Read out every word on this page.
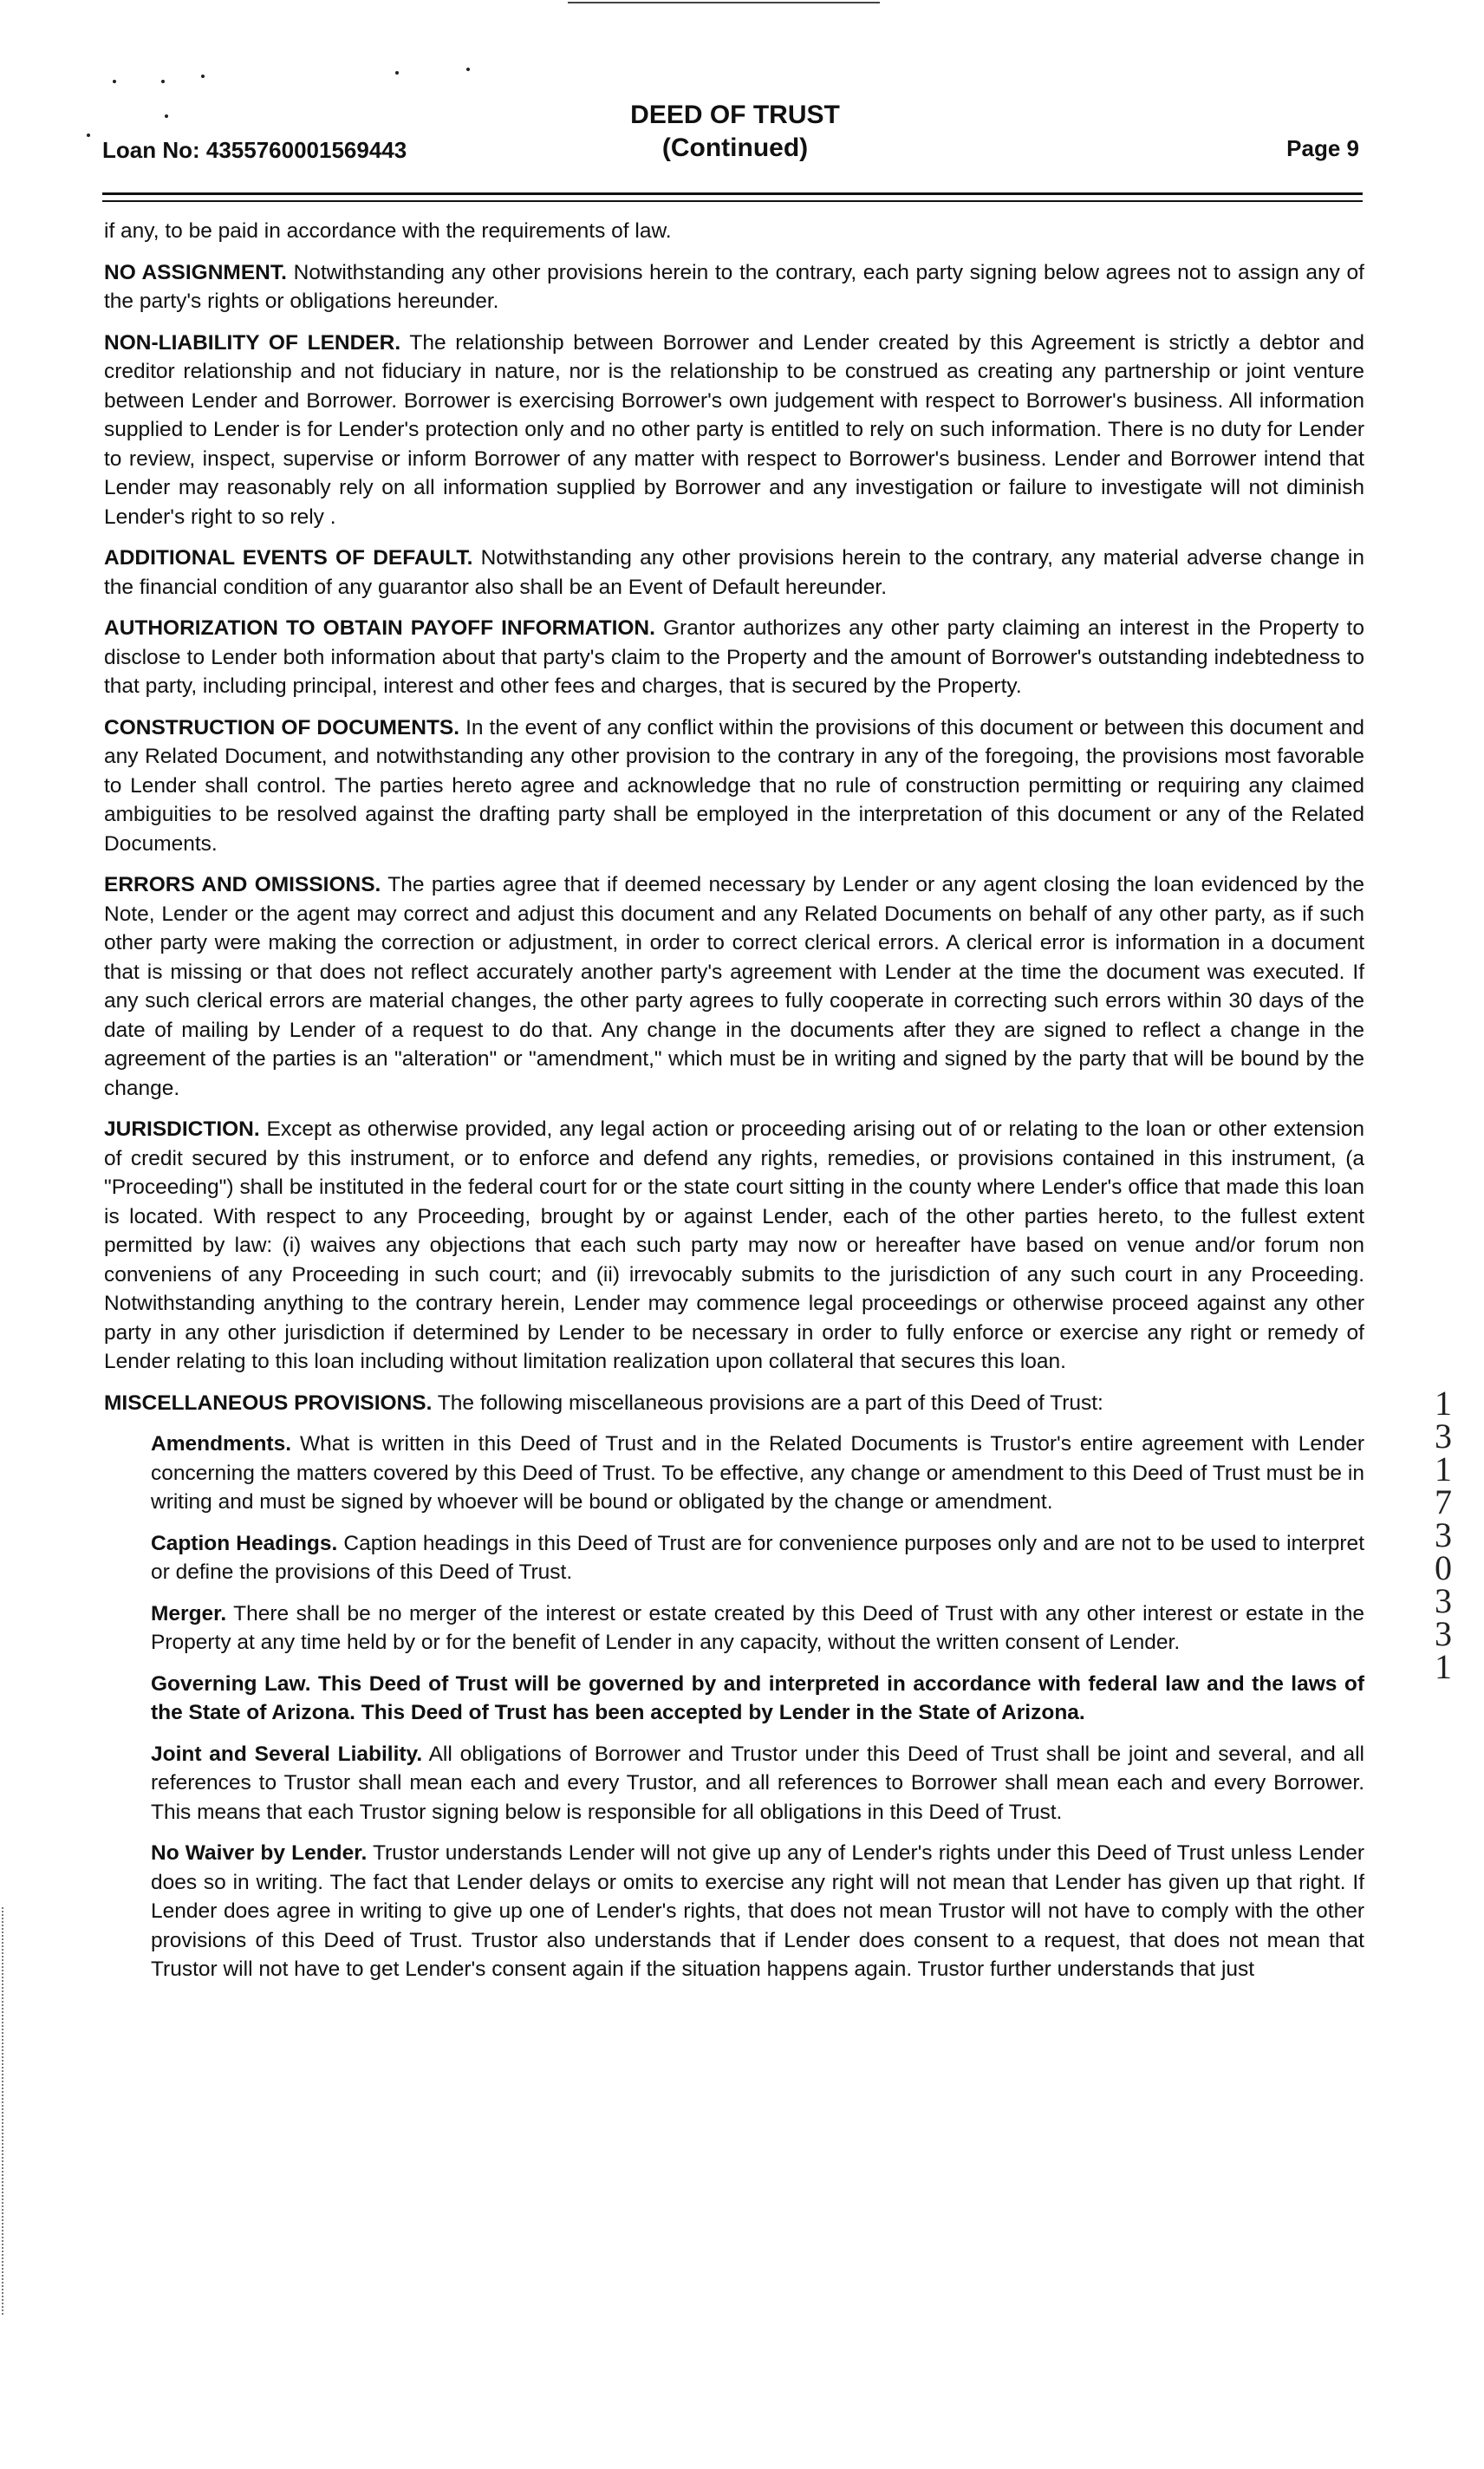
Loan No: 4355760001569443
DEED OF TRUST
(Continued)	Page 9

if any, to be paid in accordance with the requirements of law.

NO ASSIGNMENT. Notwithstanding any other provisions herein to the contrary, each party signing below agrees not to assign any of the party's rights or obligations hereunder.

NON-LIABILITY OF LENDER. The relationship between Borrower and Lender created by this Agreement is strictly a debtor and creditor relationship and not fiduciary in nature, nor is the relationship to be construed as creating any partnership or joint venture between Lender and Borrower. Borrower is exercising Borrower's own judgement with respect to Borrower's business. All information supplied to Lender is for Lender's protection only and no other party is entitled to rely on such information. There is no duty for Lender to review, inspect, supervise or inform Borrower of any matter with respect to Borrower's business. Lender and Borrower intend that Lender may reasonably rely on all information supplied by Borrower and any investigation or failure to investigate will not diminish Lender's right to so rely .

ADDITIONAL EVENTS OF DEFAULT. Notwithstanding any other provisions herein to the contrary, any material adverse change in the financial condition of any guarantor also shall be an Event of Default hereunder.

AUTHORIZATION TO OBTAIN PAYOFF INFORMATION. Grantor authorizes any other party claiming an interest in the Property to disclose to Lender both information about that party's claim to the Property and the amount of Borrower's outstanding indebtedness to that party, including principal, interest and other fees and charges, that is secured by the Property.

CONSTRUCTION OF DOCUMENTS. In the event of any conflict within the provisions of this document or between this document and any Related Document, and notwithstanding any other provision to the contrary in any of the foregoing, the provisions most favorable to Lender shall control. The parties hereto agree and acknowledge that no rule of construction permitting or requiring any claimed ambiguities to be resolved against the drafting party shall be employed in the interpretation of this document or any of the Related Documents.

ERRORS AND OMISSIONS. The parties agree that if deemed necessary by Lender or any agent closing the loan evidenced by the Note, Lender or the agent may correct and adjust this document and any Related Documents on behalf of any other party, as if such other party were making the correction or adjustment, in order to correct clerical errors. A clerical error is information in a document that is missing or that does not reflect accurately another party's agreement with Lender at the time the document was executed. If any such clerical errors are material changes, the other party agrees to fully cooperate in correcting such errors within 30 days of the date of mailing by Lender of a request to do that. Any change in the documents after they are signed to reflect a change in the agreement of the parties is an "alteration" or "amendment," which must be in writing and signed by the party that will be bound by the change.

JURISDICTION. Except as otherwise provided, any legal action or proceeding arising out of or relating to the loan or other extension of credit secured by this instrument, or to enforce and defend any rights, remedies, or provisions contained in this instrument, (a "Proceeding") shall be instituted in the federal court for or the state court sitting in the county where Lender's office that made this loan is located. With respect to any Proceeding, brought by or against Lender, each of the other parties hereto, to the fullest extent permitted by law: (i) waives any objections that each such party may now or hereafter have based on venue and/or forum non conveniens of any Proceeding in such court; and (ii) irrevocably submits to the jurisdiction of any such court in any Proceeding. Notwithstanding anything to the contrary herein, Lender may commence legal proceedings or otherwise proceed against any other party in any other jurisdiction if determined by Lender to be necessary in order to fully enforce or exercise any right or remedy of Lender relating to this loan including without limitation realization upon collateral that secures this loan.

MISCELLANEOUS PROVISIONS. The following miscellaneous provisions are a part of this Deed of Trust:

Amendments. What is written in this Deed of Trust and in the Related Documents is Trustor's entire agreement with Lender concerning the matters covered by this Deed of Trust. To be effective, any change or amendment to this Deed of Trust must be in writing and must be signed by whoever will be bound or obligated by the change or amendment.

Caption Headings. Caption headings in this Deed of Trust are for convenience purposes only and are not to be used to interpret or define the provisions of this Deed of Trust.

Merger. There shall be no merger of the interest or estate created by this Deed of Trust with any other interest or estate in the Property at any time held by or for the benefit of Lender in any capacity, without the written consent of Lender.

Governing Law. This Deed of Trust will be governed by and interpreted in accordance with federal law and the laws of the State of Arizona. This Deed of Trust has been accepted by Lender in the State of Arizona.

Joint and Several Liability. All obligations of Borrower and Trustor under this Deed of Trust shall be joint and several, and all references to Trustor shall mean each and every Trustor, and all references to Borrower shall mean each and every Borrower. This means that each Trustor signing below is responsible for all obligations in this Deed of Trust.

No Waiver by Lender. Trustor understands Lender will not give up any of Lender's rights under this Deed of Trust unless Lender does so in writing. The fact that Lender delays or omits to exercise any right will not mean that Lender has given up that right. If Lender does agree in writing to give up one of Lender's rights, that does not mean Trustor will not have to comply with the other provisions of this Deed of Trust. Trustor also understands that if Lender does consent to a request, that does not mean that Trustor will not have to get Lender's consent again if the situation happens again. Trustor further understands that just

1
3
1
7
3
0
3
3
1
